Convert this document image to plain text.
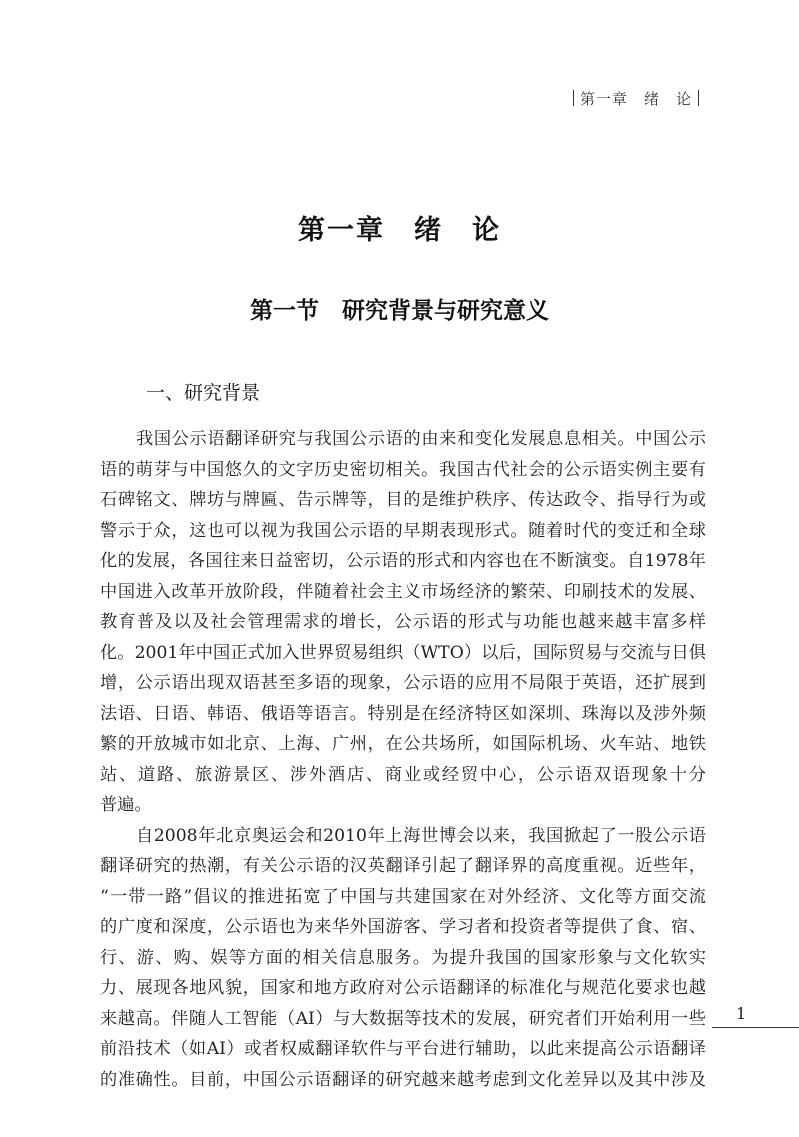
第一章　绪　论
第一章　绪　论
第一节　研究背景与研究意义
一、研究背景
我国公示语翻译研究与我国公示语的由来和变化发展息息相关。中国公示
语的萌芽与中国悠久的文字历史密切相关。我国古代社会的公示语实例主要有
石碑铭文、牌坊与牌匾、告示牌等，目的是维护秩序、传达政令、指导行为或
警示于众，这也可以视为我国公示语的早期表现形式。随着时代的变迁和全球
化的发展，各国往来日益密切，公示语的形式和内容也在不断演变。自1978年
中国进入改革开放阶段，伴随着社会主义市场经济的繁荣、印刷技术的发展、
教育普及以及社会管理需求的增长，公示语的形式与功能也越来越丰富多样
化。2001年中国正式加入世界贸易组织（WTO）以后，国际贸易与交流与日俱
增，公示语出现双语甚至多语的现象，公示语的应用不局限于英语，还扩展到
法语、日语、韩语、俄语等语言。特别是在经济特区如深圳、珠海以及涉外频
繁的开放城市如北京、上海、广州，在公共场所，如国际机场、火车站、地铁
站、道路、旅游景区、涉外酒店、商业或经贸中心，公示语双语现象十分
普遍。
自2008年北京奥运会和2010年上海世博会以来，我国掀起了一股公示语
翻译研究的热潮，有关公示语的汉英翻译引起了翻译界的高度重视。近些年，
“一带一路”倡议的推进拓宽了中国与共建国家在对外经济、文化等方面交流
的广度和深度，公示语也为来华外国游客、学习者和投资者等提供了食、宿、
行、游、购、娱等方面的相关信息服务。为提升我国的国家形象与文化软实
力、展现各地风貌，国家和地方政府对公示语翻译的标准化与规范化要求也越
来越高。伴随人工智能（AI）与大数据等技术的发展，研究者们开始利用一些
前沿技术（如AI）或者权威翻译软件与平台进行辅助，以此来提高公示语翻译
的准确性。目前，中国公示语翻译的研究越来越考虑到文化差异以及其中涉及
1
